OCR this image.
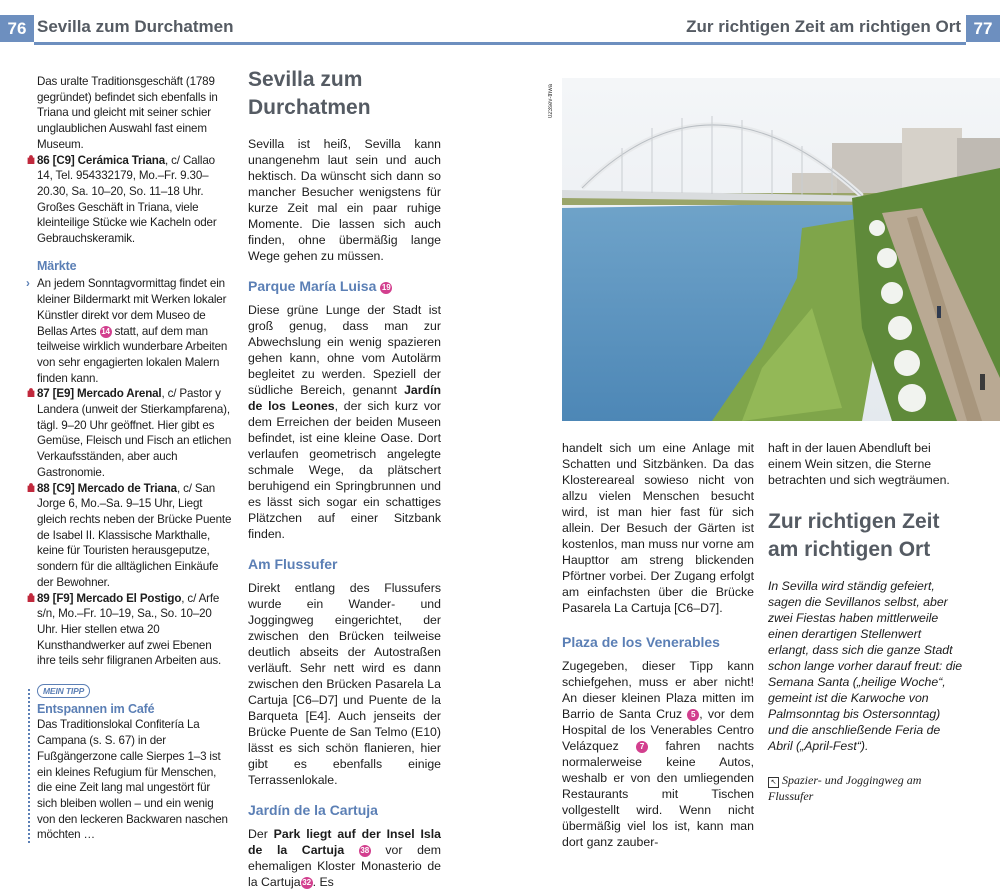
76 Sevilla zum Durchatmen	Zur richtigen Zeit am richtigen Ort 77

Das uralte Traditionsgeschäft (1789 gegründet) befindet sich ebenfalls in Triana und gleicht mit seiner schier unglaublichen Auswahl fast einem Museum.

86 [C9] Cerámica Triana, c/ Callao 14, Tel. 954332179, Mo.–Fr. 9.30–20.30, Sa. 10–20, So. 11–18 Uhr. Großes Geschäft in Triana, viele kleinteilige Stücke wie Kacheln oder Gebrauchskeramik.

Märkte
› An jedem Sonntagvormittag findet ein kleiner Bildermarkt mit Werken lokaler Künstler direkt vor dem Museo de Bellas Artes 14 statt, auf dem man teilweise wirklich wunderbare Arbeiten von sehr engagierten lokalen Malern finden kann.

87 [E9] Mercado Arenal, c/ Pastor y Landera (unweit der Stierkampfarena), tägl. 9–20 Uhr geöffnet. Hier gibt es Gemüse, Fleisch und Fisch an etlichen Verkaufsständen, aber auch Gastronomie.

88 [C9] Mercado de Triana, c/ San Jorge 6, Mo.–Sa. 9–15 Uhr, Liegt gleich rechts neben der Brücke Puente de Isabel II. Klassische Markthalle, keine für Touristen herausgeputze, sondern für die alltäglichen Einkäufe der Bewohner.

89 [F9] Mercado El Postigo, c/ Arfe s/n, Mo.–Fr. 10–19, Sa., So. 10–20 Uhr. Hier stellen etwa 20 Kunsthandwerker auf zwei Ebenen ihre teils sehr filigranen Arbeiten aus.

MEIN TIPP
Entspannen im Café

Das Traditionslokal Confitería La Campana (s. S. 67) in der Fußgängerzone calle Sierpes 1–3 ist ein kleines Refugium für Menschen, die eine Zeit lang mal ungestört für sich bleiben wollen – und ein wenig von den leckeren Backwaren naschen möchten …

Sevilla zum Durchatmen

Sevilla ist heiß, Sevilla kann unangenehm laut sein und auch hektisch. Da wünscht sich dann so mancher Besucher wenigstens für kurze Zeit mal ein paar ruhige Momente. Die lassen sich auch finden, ohne übermäßig lange Wege gehen zu müssen.

Parque María Luisa 19

Diese grüne Lunge der Stadt ist groß genug, dass man zur Abwechslung ein wenig spazieren gehen kann, ohne vom Autolärm begleitet zu werden. Speziell der südliche Bereich, genannt Jardín de los Leones, der sich kurz vor dem Erreichen der beiden Museen befindet, ist eine kleine Oase. Dort verlaufen geometrisch angelegte schmale Wege, da plätschert beruhigend ein Springbrunnen und es lässt sich sogar ein schattiges Plätzchen auf einer Sitzbank finden.

Am Flussufer

Direkt entlang des Flussufers wurde ein Wander- und Joggingweg eingerichtet, der zwischen den Brücken teilweise deutlich abseits der Autostraßen verläuft. Sehr nett wird es dann zwischen den Brücken Pasarela La Cartuja [C6–D7] und Puente de la Barqueta [E4]. Auch jenseits der Brücke Puente de San Telmo (E10) lässt es sich schön flanieren, hier gibt es ebenfalls einige Terrassenlokale.

Jardín de la Cartuja

Der Park liegt auf der Insel Isla de la Cartuja 38 vor dem ehemaligen Kloster Monasterio de la Cartuja 32 . Es

023sev-thwa

handelt sich um eine Anlage mit Schatten und Sitzbänken. Da das Klostereareal sowieso nicht von allzu vielen Menschen besucht wird, ist man hier fast für sich allein. Der Besuch der Gärten ist kostenlos, man muss nur vorne am Haupttor am streng blickenden Pförtner vorbei. Der Zugang erfolgt am einfachsten über die Brücke Pasarela La Cartuja [C6–D7].

Plaza de los Venerables

Zugegeben, dieser Tipp kann schiefgehen, muss er aber nicht! An dieser kleinen Plaza mitten im Barrio de Santa Cruz 5 , vor dem Hospital de los Venerables Centro Velázquez	7 fahren nachts normalerweise keine Autos, weshalb er von den umliegenden Restaurants mit Tischen vollgestellt wird. Wenn nicht übermäßig viel los ist, kann man dort ganz zauber-

haft in der lauen Abendluft bei einem Wein sitzen, die Sterne betrachten und sich wegträumen.

Zur richtigen Zeit am richtigen Ort

In Sevilla wird ständig gefeiert, sagen die Sevillanos selbst, aber zwei Fiestas haben mittlerweile einen derartigen Stellenwert erlangt, dass sich die ganze Stadt schon lange vorher darauf freut: die Semana Santa („heilige Woche“, gemeint ist die Karwoche von Palmsonntag bis Ostersonntag) und die anschließende Feria de Abril („April-Fest“).

↖ Spazier- und Joggingweg am Flussufer
